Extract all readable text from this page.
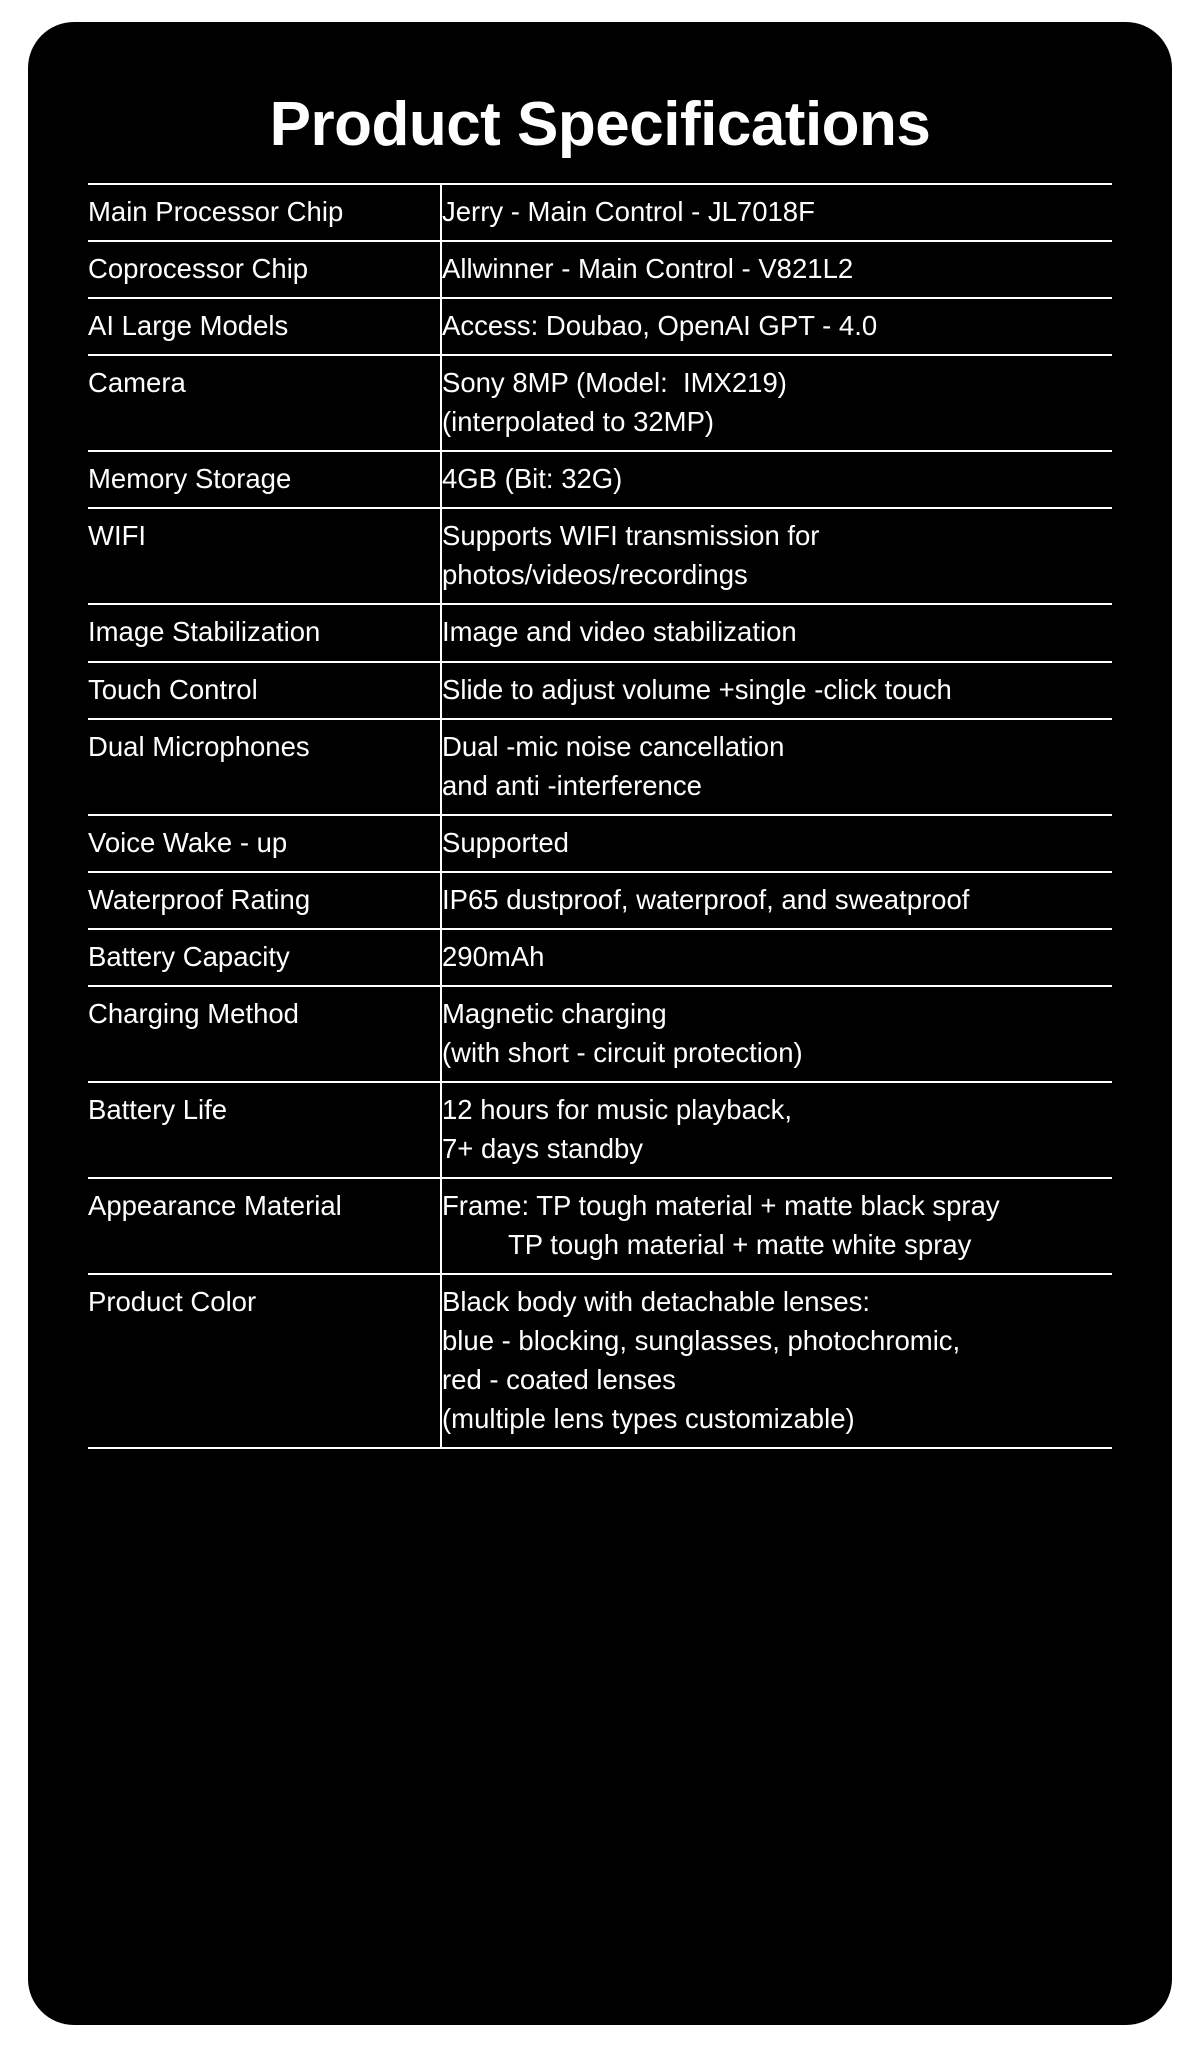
Product Specifications
Main Processor Chip	Jerry - Main Control - JL7018F

Coprocessor Chip	Allwinner - Main Control - V821L2

AI Large Models	Access: Doubao, OpenAI GPT - 4.0

Camera	Sony 8MP (Model:  IMX219)
(interpolated to 32MP)

Memory Storage	4GB (Bit: 32G)

WIFI	Supports WIFI transmission for
photos/videos/recordings

Image Stabilization	Image and video stabilization

Touch Control	Slide to adjust volume +single -click touch

Dual Microphones	Dual -mic noise cancellation
and anti -interference

Voice Wake - up	Supported

Waterproof Rating	IP65 dustproof, waterproof, and sweatproof

Battery Capacity	290mAh

Charging Method	Magnetic charging
(with short - circuit protection)

Battery Life	12 hours for music playback,
7+ days standby

Appearance Material	Frame: TP tough material + matte black spray
TP tough material + matte white spray

Product Color	Black body with detachable lenses:
blue - blocking, sunglasses, photochromic,
red - coated lenses
(multiple lens types customizable)
